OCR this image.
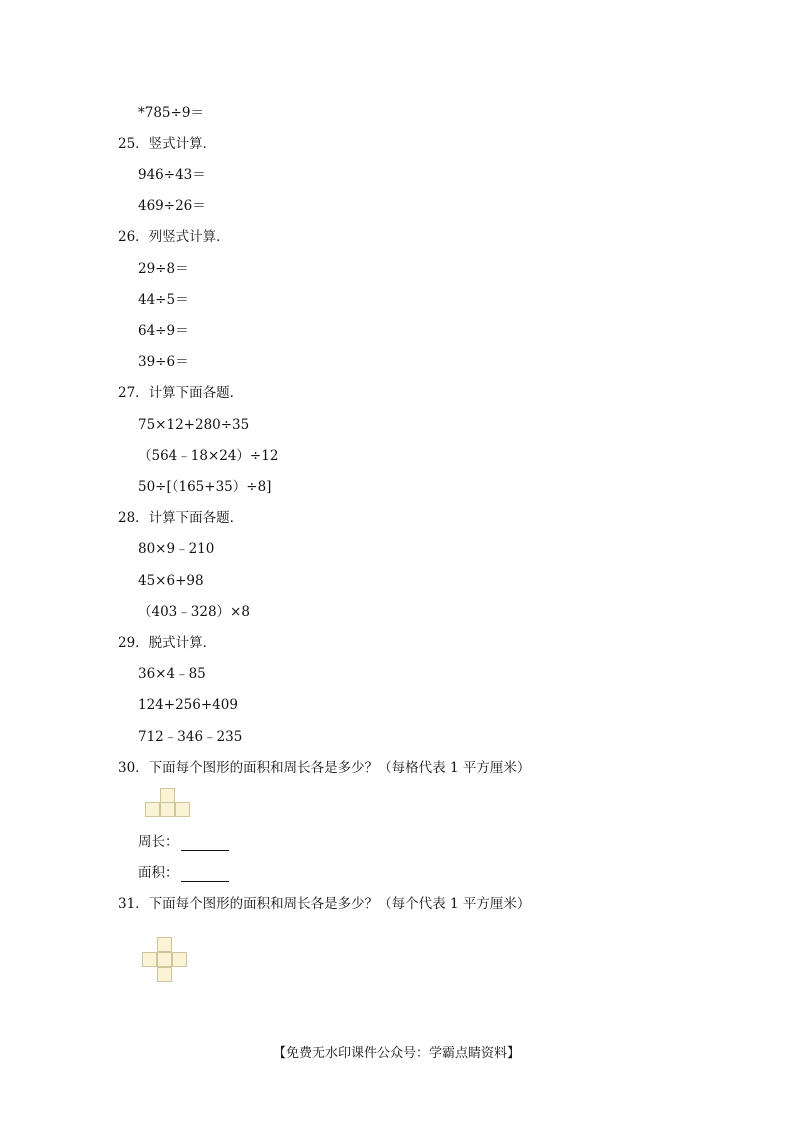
*785÷9＝
25．竖式计算．
946÷43＝
469÷26＝
26．列竖式计算．
29÷8＝
44÷5＝
64÷9＝
39÷6＝
27．计算下面各题．
75×12+280÷35
（564﹣18×24）÷12
50÷[（165+35）÷8]
28．计算下面各题．
80×9﹣210
45×6+98
（403﹣328）×8
29．脱式计算．
36×4﹣85
124+256+409
712﹣346﹣235
30．下面每个图形的面积和周长各是多少？（每格代表 1 平方厘米）
周长：
面积：
31．下面每个图形的面积和周长各是多少？（每个代表 1 平方厘米）
【免费无水印课件公众号：学霸点睛资料】
